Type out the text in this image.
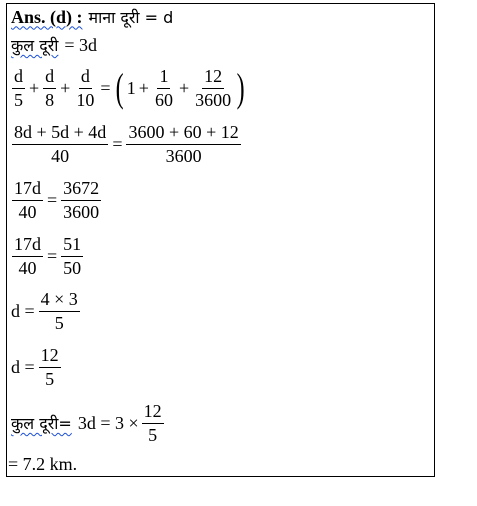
Ans. (d) : माना दूरी = d
कुल दूरी = 3d
$\frac{d}{5} + \frac{d}{8} + \frac{d}{10}$ = ( $1 + \frac{1}{60} + \frac{12}{3600}$ )
$\frac{8d + 5d + 4d}{40} = \frac{3600 + 60 + 12}{3600}$
$\frac{17d}{40} = \frac{3672}{3600}$
$\frac{17d}{40} = \frac{51}{50}$
$d = \frac{4 \times 3}{5}$
$d = \frac{12}{5}$
कुल दूरी= $3d = 3 \times \frac{12}{5}$
= 7.2 km.
